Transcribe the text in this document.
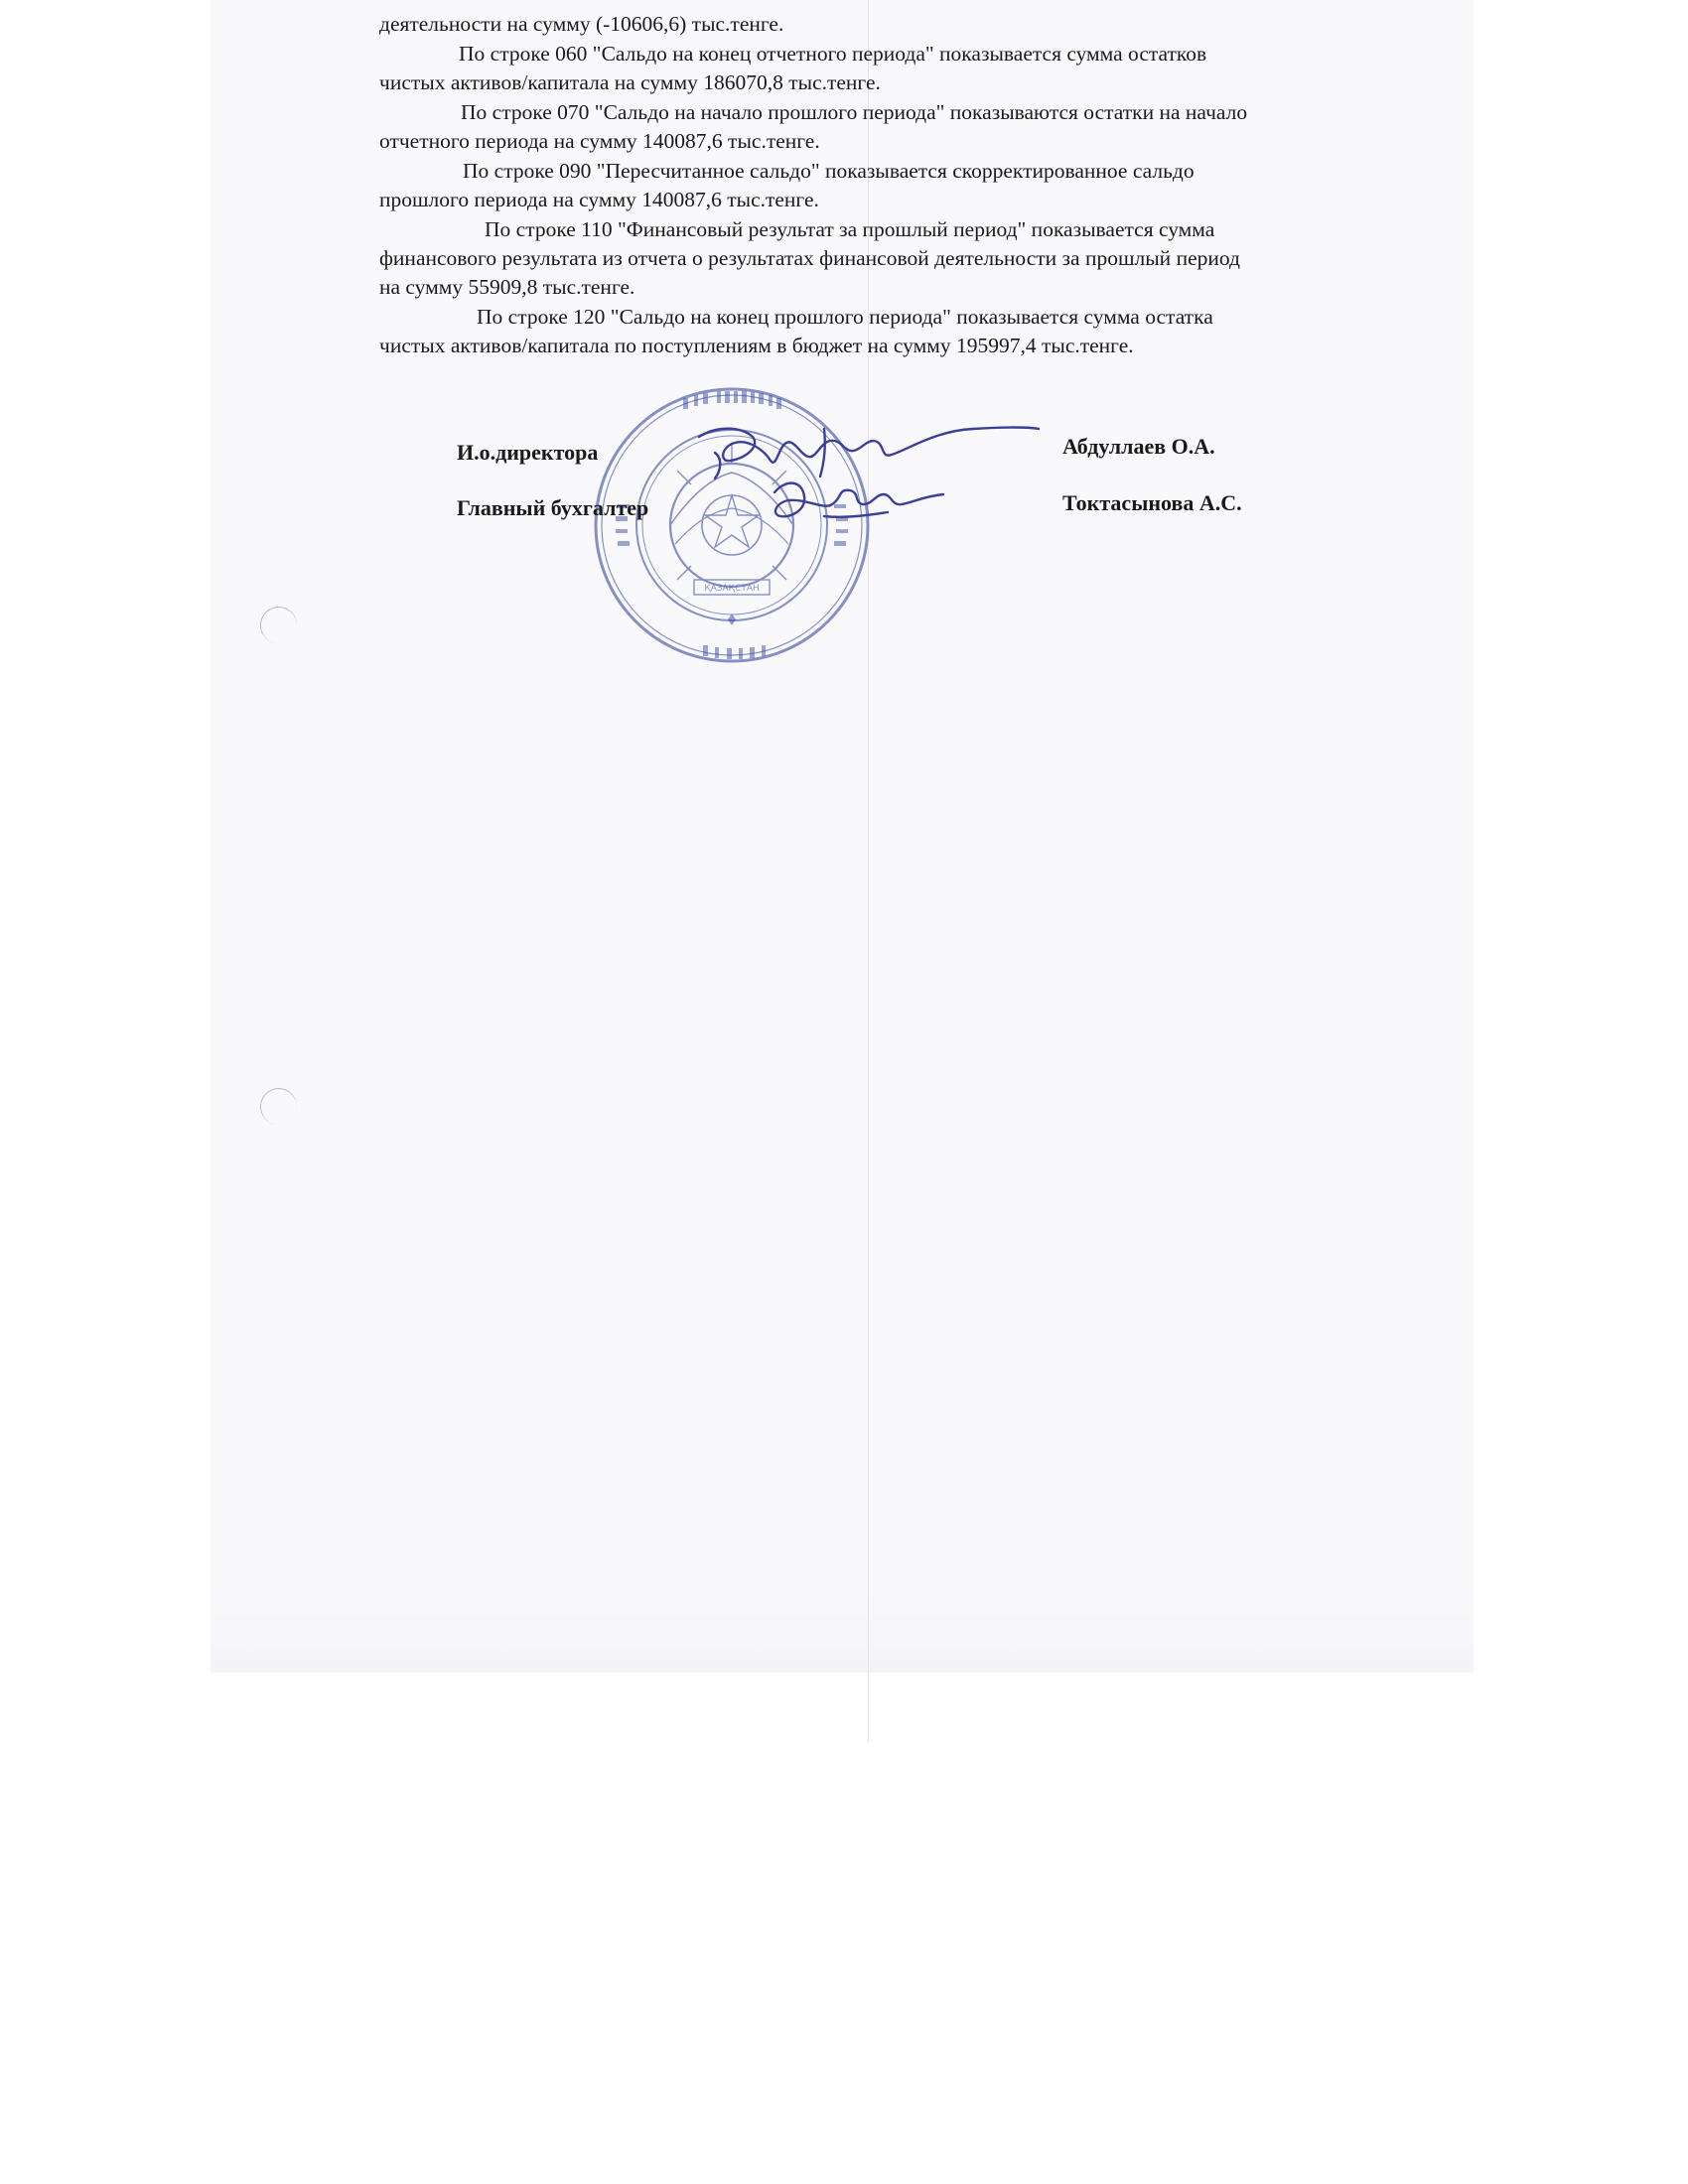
деятельности на сумму (-10606,6) тыс.тенге.
По строке 060 "Сальдо на конец отчетного периода" показывается сумма остатков
чистых активов/капитала на сумму 186070,8 тыс.тенге.
По строке 070 "Сальдо на начало прошлого периода" показываются остатки на начало
отчетного периода на сумму 140087,6 тыс.тенге.
По строке 090 "Пересчитанное сальдо" показывается скорректированное сальдо
прошлого периода на сумму 140087,6 тыс.тенге.
По строке 110 "Финансовый результат за прошлый период" показывается сумма
финансового результата из отчета о результатах финансовой деятельности за прошлый период
на сумму 55909,8 тыс.тенге.
По строке 120 "Сальдо на конец прошлого периода" показывается сумма остатка
чистых активов/капитала по поступлениям в бюджет на сумму 195997,4 тыс.тенге.
ҚАЗАҚСТАН
И.о.директора	Абдуллаев О.А.
Главный бухгалтер	Токтасынова А.С.
